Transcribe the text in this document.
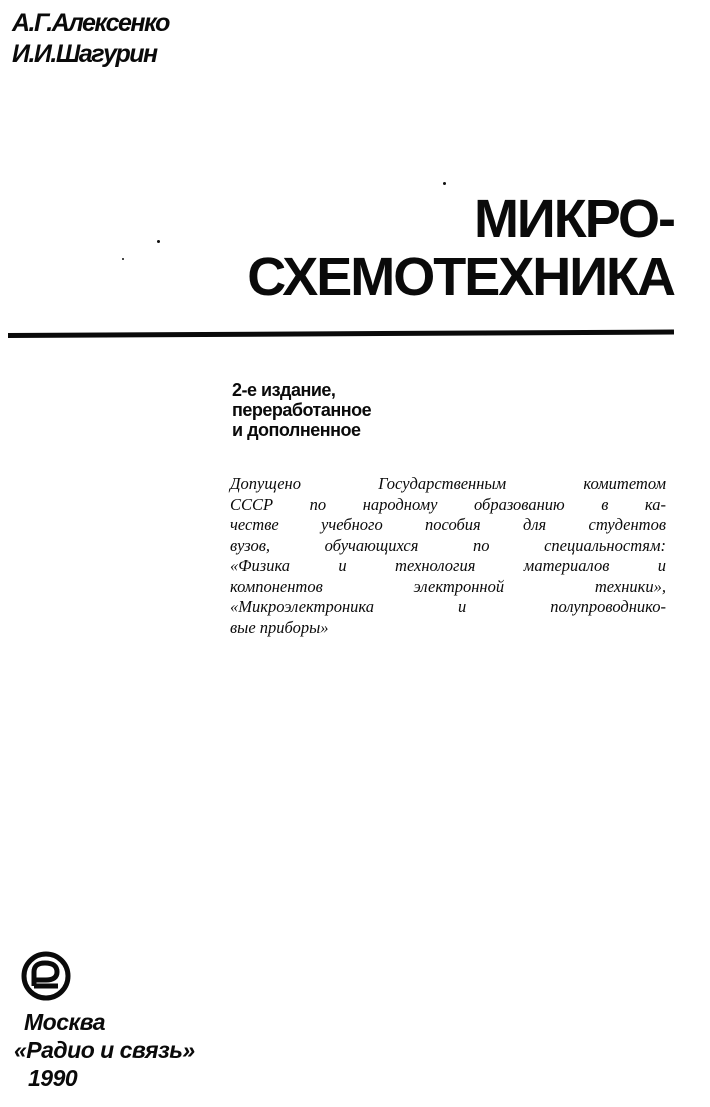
А.Г.Алексенко
И.И.Шагурин
МИКРО-
СХЕМОТЕХНИКА
2-е издание,
переработанное
и дополненное
Допущено Государственным комитетом
СССР по народному образованию в ка-
честве учебного пособия для студентов
вузов, обучающихся по специальностям:
«Физика и технология материалов и
компонентов электронной техники»,
«Микроэлектроника и полупроводнико-
вые приборы»
Москва
«Радио и связь»
1990
